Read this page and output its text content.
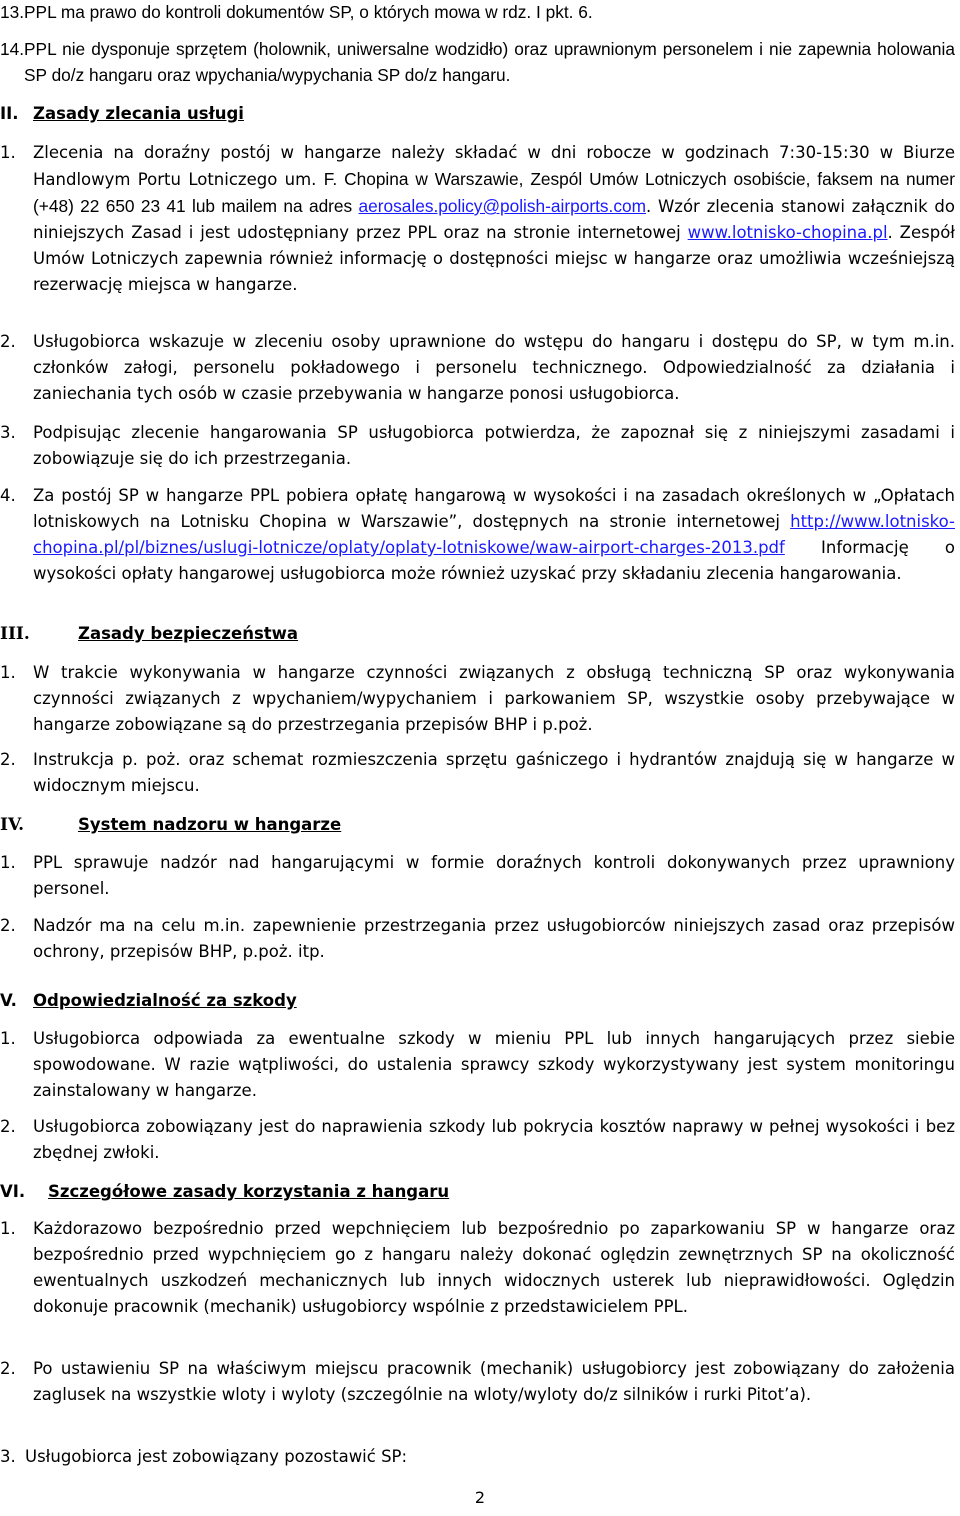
13. PPL ma prawo do kontroli dokumentów SP, o których mowa w rdz. I pkt. 6.
14. PPL nie dysponuje sprzętem (holownik, uniwersalne wodzidło) oraz uprawnionym personelem i nie zapewnia holowania SP do/z hangaru oraz wpychania/wypychania SP do/z hangaru.
II. Zasady zlecania usługi
1.	Zlecenia na doraźny postój w hangarze należy składać w dni robocze w godzinach 7:30-15:30 w Biurze Handlowym Portu Lotniczego um. F. Chopina w Warszawie, Zespól Umów Lotniczych osobiście, faksem na numer (+48) 22 650 23 41 lub mailem na adres aerosales.policy@polish-airports.com. Wzór zlecenia stanowi załącznik do niniejszych Zasad i jest udostępniany przez PPL oraz na stronie internetowej www.lotnisko-chopina.pl. Zespół Umów Lotniczych zapewnia również informację o dostępności miejsc w hangarze oraz umożliwia wcześniejszą rezerwację miejsca w hangarze.
2.	Usługobiorca wskazuje w zleceniu osoby uprawnione do wstępu do hangaru i dostępu do SP, w tym m.in. członków załogi, personelu pokładowego i personelu technicznego. Odpowiedzialność za działania i zaniechania tych osób w czasie przebywania w hangarze ponosi usługobiorca.
3.	Podpisując zlecenie hangarowania SP usługobiorca potwierdza, że zapoznał się z niniejszymi zasadami i zobowiązuje się do ich przestrzegania.
4.	Za postój SP w hangarze PPL pobiera opłatę hangarową w wysokości i na zasadach określonych w „Opłatach lotniskowych na Lotnisku Chopina w Warszawie”, dostępnych na stronie internetowej http://www.lotnisko-chopina.pl/pl/biznes/uslugi-lotnicze/oplaty/oplaty-lotniskowe/waw-airport-charges-2013.pdf Informację o wysokości opłaty hangarowej usługobiorca może również uzyskać przy składaniu zlecenia hangarowania.
III.	Zasady bezpieczeństwa
1.	W trakcie wykonywania w hangarze czynności związanych z obsługą techniczną SP oraz wykonywania czynności związanych z wpychaniem/wypychaniem i parkowaniem SP, wszystkie osoby przebywające w hangarze zobowiązane są do przestrzegania przepisów BHP i p.poż.
2.	Instrukcja p. poż. oraz schemat rozmieszczenia sprzętu gaśniczego i hydrantów znajdują się w hangarze w widocznym miejscu.
IV.	System nadzoru w hangarze
1.	PPL sprawuje nadzór nad hangarującymi w formie doraźnych kontroli dokonywanych przez uprawniony personel.
2.	Nadzór ma na celu m.in. zapewnienie przestrzegania przez usługobiorców niniejszych zasad oraz przepisów ochrony, przepisów BHP, p.poż. itp.
V. Odpowiedzialność za szkody
1.	Usługobiorca odpowiada za ewentualne szkody w mieniu PPL lub innych hangarujących przez siebie spowodowane. W razie wątpliwości, do ustalenia sprawcy szkody wykorzystywany jest system monitoringu zainstalowany w hangarze.
2.	Usługobiorca zobowiązany jest do naprawienia szkody lub pokrycia kosztów naprawy w pełnej wysokości i bez zbędnej zwłoki.
VI. Szczegółowe zasady korzystania z hangaru
1.	Każdorazowo bezpośrednio przed wepchnięciem lub bezpośrednio po zaparkowaniu SP w hangarze oraz bezpośrednio przed wypchnięciem go z hangaru należy dokonać oględzin zewnętrznych SP na okoliczność ewentualnych uszkodzeń mechanicznych lub innych widocznych usterek lub nieprawidłowości. Oględzin dokonuje pracownik (mechanik) usługobiorcy wspólnie z przedstawicielem PPL.
2.	Po ustawieniu SP na właściwym miejscu pracownik (mechanik) usługobiorcy jest zobowiązany do założenia zaglusek na wszystkie wloty i wyloty (szczególnie na wloty/wyloty do/z silników i rurki Pitot’a).
3. Usługobiorca jest zobowiązany pozostawić SP:
2
